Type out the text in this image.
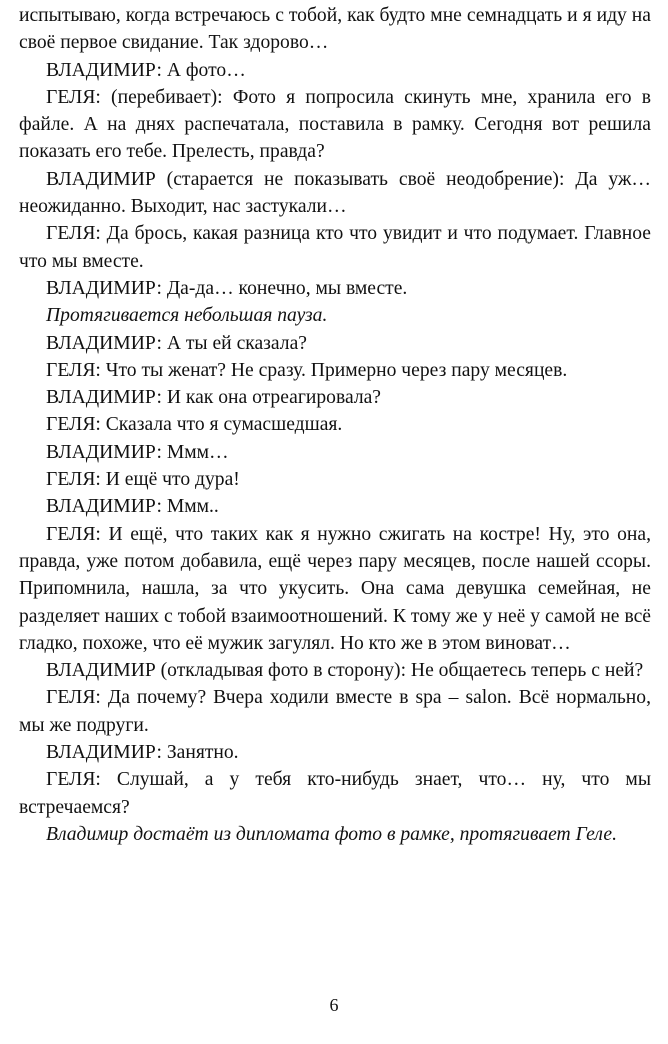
испытываю, когда встречаюсь с тобой, как будто мне семнадцать и я иду на своё первое свидание. Так здорово…

ВЛАДИМИР: А фото…

ГЕЛЯ: (перебивает): Фото я попросила скинуть мне, хранила его в файле. А на днях распечатала, поставила в рамку. Сегодня вот решила показать его тебе. Прелесть, правда?

ВЛАДИМИР (старается не показывать своё неодобрение): Да уж… неожиданно. Выходит, нас застукали…

ГЕЛЯ: Да брось, какая разница кто что увидит и что подумает. Главное что мы вместе.

ВЛАДИМИР: Да-да… конечно, мы вместе.

Протягивается небольшая пауза.

ВЛАДИМИР: А ты ей сказала?

ГЕЛЯ: Что ты женат? Не сразу. Примерно через пару месяцев.

ВЛАДИМИР: И как она отреагировала?

ГЕЛЯ: Сказала что я сумасшедшая.

ВЛАДИМИР: Ммм…

ГЕЛЯ: И ещё что дура!

ВЛАДИМИР: Ммм..

ГЕЛЯ: И ещё, что таких как я нужно сжигать на костре! Ну, это она, правда, уже потом добавила, ещё через пару месяцев, после нашей ссоры. Припомнила, нашла, за что укусить. Она сама девушка семейная, не разделяет наших с тобой взаимоотношений. К тому же у неё у самой не всё гладко, похоже, что её мужик загулял. Но кто же в этом виноват…

ВЛАДИМИР (откладывая фото в сторону): Не общаетесь теперь с ней?

ГЕЛЯ: Да почему? Вчера ходили вместе в spa – salon. Всё нормально, мы же подруги.

ВЛАДИМИР: Занятно.

ГЕЛЯ: Слушай, а у тебя кто-нибудь знает, что… ну, что мы встречаемся?

Владимир достаёт из дипломата фото в рамке, протягивает Геле.

6
